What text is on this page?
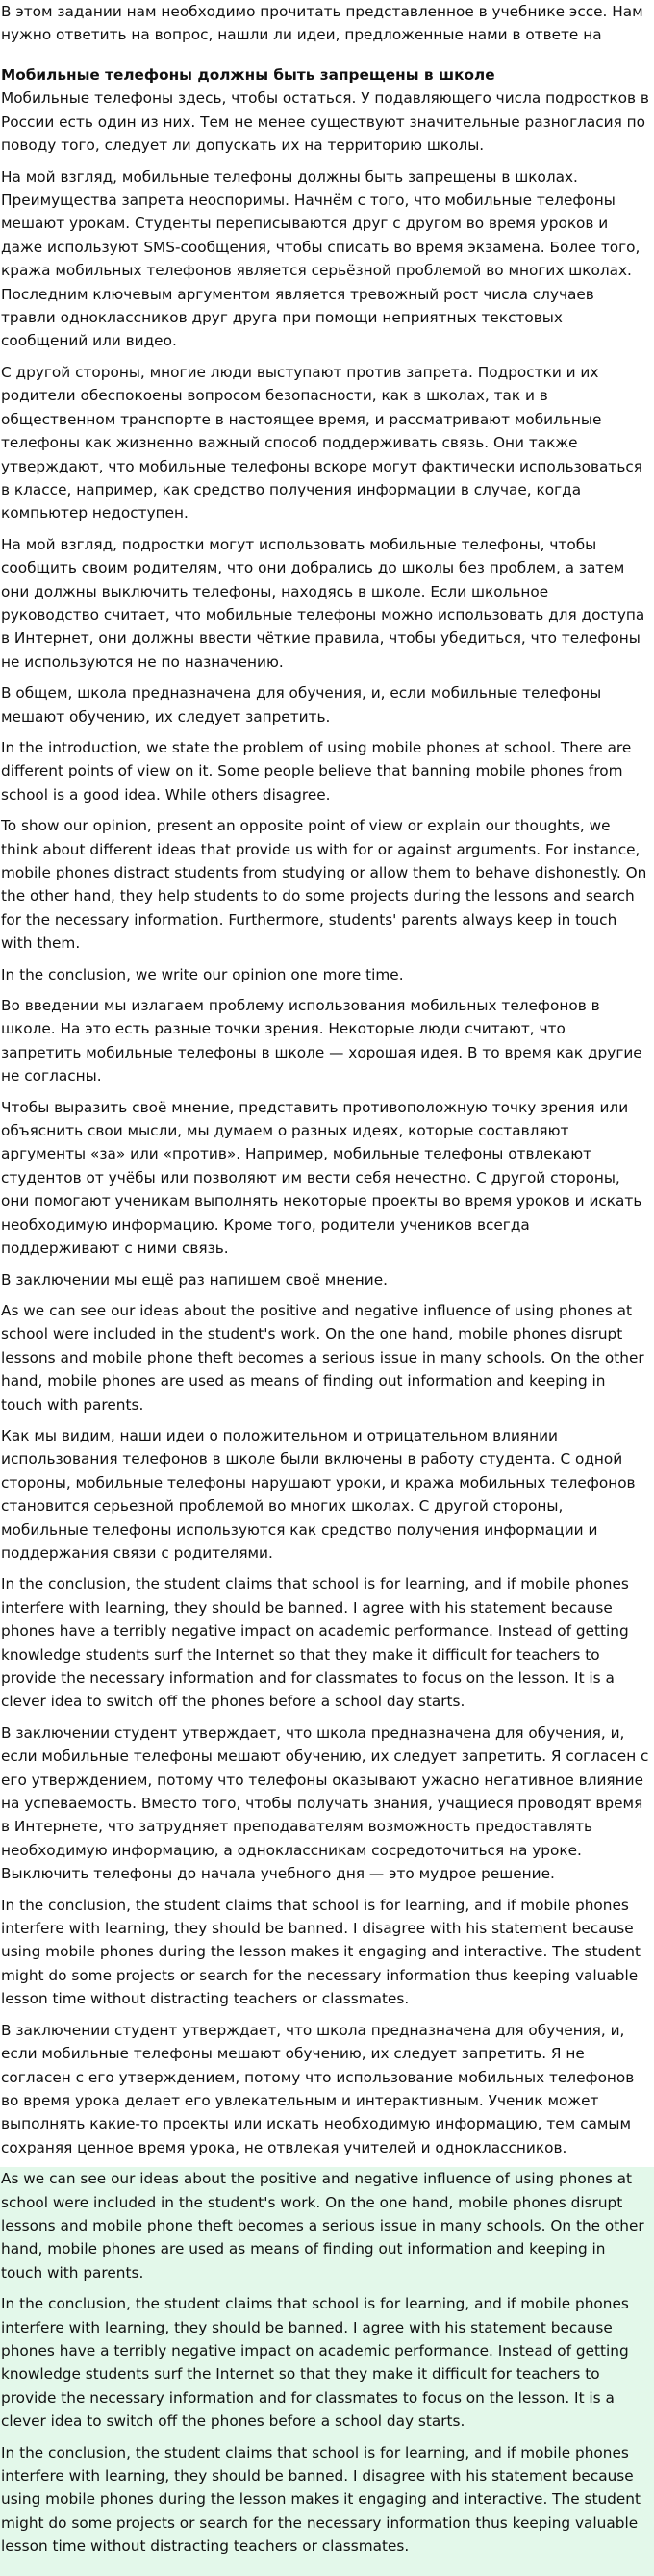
В этом задании нам необходимо прочитать представленное в учебнике эссе. Нам нужно ответить на вопрос, нашли ли идеи, предложенные нами в ответе на

Мобильные телефоны должны быть запрещены в школе

Мобильные телефоны здесь, чтобы остаться. У подавляющего числа подростков в России есть один из них. Тем не менее существуют значительные разногласия по поводу того, следует ли допускать их на территорию школы.

На мой взгляд, мобильные телефоны должны быть запрещены в школах. Преимущества запрета неоспоримы. Начнём с того, что мобильные телефоны мешают урокам. Студенты переписываются друг с другом во время уроков и даже используют SMS-сообщения, чтобы списать во время экзамена. Более того, кража мобильных телефонов является серьёзной проблемой во многих школах. Последним ключевым аргументом является тревожный рост числа случаев травли одноклассников друг друга при помощи неприятных текстовых сообщений или видео.

С другой стороны, многие люди выступают против запрета. Подростки и их родители обеспокоены вопросом безопасности, как в школах, так и в общественном транспорте в настоящее время, и рассматривают мобильные телефоны как жизненно важный способ поддерживать связь. Они также утверждают, что мобильные телефоны вскоре могут фактически использоваться в классе, например, как средство получения информации в случае, когда компьютер недоступен.

На мой взгляд, подростки могут использовать мобильные телефоны, чтобы сообщить своим родителям, что они добрались до школы без проблем, а затем они должны выключить телефоны, находясь в школе. Если школьное руководство считает, что мобильные телефоны можно использовать для доступа в Интернет, они должны ввести чёткие правила, чтобы убедиться, что телефоны не используются не по назначению.

В общем, школа предназначена для обучения, и, если мобильные телефоны мешают обучению, их следует запретить.

In the introduction, we state the problem of using mobile phones at school. There are different points of view on it. Some people believe that banning mobile phones from school is a good idea. While others disagree.

To show our opinion, present an opposite point of view or explain our thoughts, we think about different ideas that provide us with for or against arguments. For instance, mobile phones distract students from studying or allow them to behave dishonestly. On the other hand, they help students to do some projects during the lessons and search for the necessary information. Furthermore, students' parents always keep in touch with them.

In the conclusion, we write our opinion one more time.

Во введении мы излагаем проблему использования мобильных телефонов в школе. На это есть разные точки зрения. Некоторые люди считают, что запретить мобильные телефоны в школе — хорошая идея. В то время как другие не согласны.

Чтобы выразить своё мнение, представить противоположную точку зрения или объяснить свои мысли, мы думаем о разных идеях, которые составляют аргументы «за» или «против». Например, мобильные телефоны отвлекают студентов от учёбы или позволяют им вести себя нечестно. С другой стороны, они помогают ученикам выполнять некоторые проекты во время уроков и искать необходимую информацию. Кроме того, родители учеников всегда поддерживают с ними связь.

В заключении мы ещё раз напишем своё мнение.

As we can see our ideas about the positive and negative influence of using phones at school were included in the student's work. On the one hand, mobile phones disrupt lessons and mobile phone theft becomes a serious issue in many schools. On the other hand, mobile phones are used as means of finding out information and keeping in touch with parents.

Как мы видим, наши идеи о положительном и отрицательном влиянии использования телефонов в школе были включены в работу студента. С одной стороны, мобильные телефоны нарушают уроки, и кража мобильных телефонов становится серьезной проблемой во многих школах. С другой стороны, мобильные телефоны используются как средство получения информации и поддержания связи с родителями.

In the conclusion, the student claims that school is for learning, and if mobile phones interfere with learning, they should be banned. I agree with his statement because phones have a terribly negative impact on academic performance. Instead of getting knowledge students surf the Internet so that they make it difficult for teachers to provide the necessary information and for classmates to focus on the lesson. It is a clever idea to switch off the phones before a school day starts.

В заключении студент утверждает, что школа предназначена для обучения, и, если мобильные телефоны мешают обучению, их следует запретить. Я согласен с его утверждением, потому что телефоны оказывают ужасно негативное влияние на успеваемость. Вместо того, чтобы получать знания, учащиеся проводят время в Интернете, что затрудняет преподавателям возможность предоставлять необходимую информацию, а одноклассникам сосредоточиться на уроке. Выключить телефоны до начала учебного дня — это мудрое решение.

In the conclusion, the student claims that school is for learning, and if mobile phones interfere with learning, they should be banned. I disagree with his statement because using mobile phones during the lesson makes it engaging and interactive. The student might do some projects or search for the necessary information thus keeping valuable lesson time without distracting teachers or classmates.

В заключении студент утверждает, что школа предназначена для обучения, и, если мобильные телефоны мешают обучению, их следует запретить. Я не согласен с его утверждением, потому что использование мобильных телефонов во время урока делает его увлекательным и интерактивным. Ученик может выполнять какие-то проекты или искать необходимую информацию, тем самым сохраняя ценное время урока, не отвлекая учителей и одноклассников.

As we can see our ideas about the positive and negative influence of using phones at school were included in the student's work. On the one hand, mobile phones disrupt lessons and mobile phone theft becomes a serious issue in many schools. On the other hand, mobile phones are used as means of finding out information and keeping in touch with parents.

In the conclusion, the student claims that school is for learning, and if mobile phones interfere with learning, they should be banned. I agree with his statement because phones have a terribly negative impact on academic performance. Instead of getting knowledge students surf the Internet so that they make it difficult for teachers to provide the necessary information and for classmates to focus on the lesson. It is a clever idea to switch off the phones before a school day starts.

In the conclusion, the student claims that school is for learning, and if mobile phones interfere with learning, they should be banned. I disagree with his statement because using mobile phones during the lesson makes it engaging and interactive. The student might do some projects or search for the necessary information thus keeping valuable lesson time without distracting teachers or classmates.
